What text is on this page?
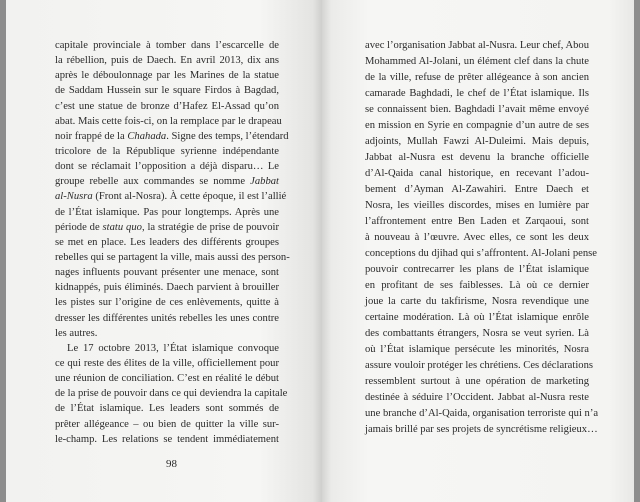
capitale provinciale à tomber dans l’escarcelle de
la rébellion, puis de Daech. En avril 2013, dix ans
après le déboulonnage par les Marines de la statue
de Saddam Hussein sur le square Firdos à Bagdad,
c’est une statue de bronze d’Hafez El-Assad qu’on
abat. Mais cette fois-ci, on la remplace par le drapeau
noir frappé de la Chahada. Signe des temps, l’étendard
tricolore de la République syrienne indépendante
dont se réclamait l’opposition a déjà disparu… Le
groupe rebelle aux commandes se nomme Jabbat
al-Nusra (Front al-Nosra). À cette époque, il est l’allié
de l’État islamique. Pas pour longtemps. Après une
période de statu quo, la stratégie de prise de pouvoir
se met en place. Les leaders des différents groupes
rebelles qui se partagent la ville, mais aussi des person-
nages influents pouvant présenter une menace, sont
kidnappés, puis éliminés. Daech parvient à brouiller
les pistes sur l’origine de ces enlèvements, quitte à
dresser les différentes unités rebelles les unes contre
les autres.
Le 17 octobre 2013, l’État islamique convoque
ce qui reste des élites de la ville, officiellement pour
une réunion de conciliation. C’est en réalité le début
de la prise de pouvoir dans ce qui deviendra la capitale
de l’État islamique. Les leaders sont sommés de
prêter allégeance – ou bien de quitter la ville sur-
le-champ. Les relations se tendent immédiatement
98
avec l’organisation Jabbat al-Nusra. Leur chef, Abou
Mohammed Al-Jolani, un élément clef dans la chute
de la ville, refuse de prêter allégeance à son ancien
camarade Baghdadi, le chef de l’État islamique. Ils
se connaissent bien. Baghdadi l’avait même envoyé
en mission en Syrie en compagnie d’un autre de ses
adjoints, Mullah Fawzi Al-Duleimi. Mais depuis,
Jabbat al-Nusra est devenu la branche officielle
d’Al-Qaida canal historique, en recevant l’adou-
bement d’Ayman Al-Zawahiri. Entre Daech et
Nosra, les vieilles discordes, mises en lumière par
l’affrontement entre Ben Laden et Zarqaoui, sont
à nouveau à l’œuvre. Avec elles, ce sont les deux
conceptions du djihad qui s’affrontent. Al-Jolani pense
pouvoir contrecarrer les plans de l’État islamique
en profitant de ses faiblesses. Là où ce dernier
joue la carte du takfirisme, Nosra revendique une
certaine modération. Là où l’État islamique enrôle
des combattants étrangers, Nosra se veut syrien. Là
où l’État islamique persécute les minorités, Nosra
assure vouloir protéger les chrétiens. Ces déclarations
ressemblent surtout à une opération de marketing
destinée à séduire l’Occident. Jabbat al-Nusra reste
une branche d’Al-Qaida, organisation terroriste qui n’a
jamais brillé par ses projets de syncrétisme religieux…
